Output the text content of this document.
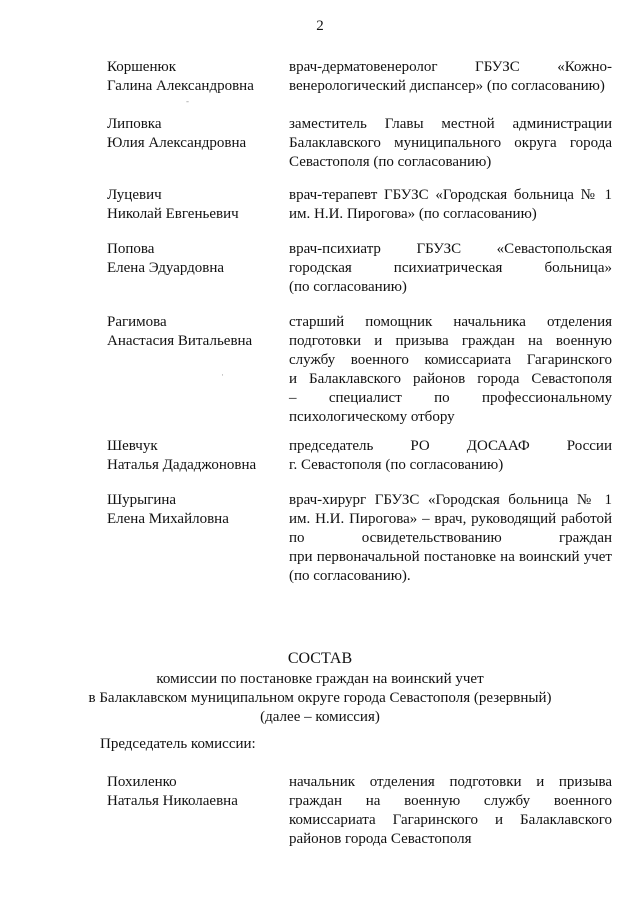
2
Коршенюк
Галина Александровна
врач-дерматовенеролог ГБУЗС «Кожно-
венерологический диспансер» (по согласованию)
Липовка
Юлия Александровна
заместитель Главы местной администрации
Балаклавского муниципального округа города
Севастополя (по согласованию)
Луцевич
Николай Евгеньевич
врач-терапевт ГБУЗС «Городская больница № 1
им. Н.И. Пирогова» (по согласованию)
Попова
Елена Эдуардовна
врач-психиатр ГБУЗС «Севастопольская
городская психиатрическая больница»
(по согласованию)
Рагимова
Анастасия Витальевна
старший помощник начальника отделения
подготовки и призыва граждан на военную
службу военного комиссариата Гагаринского
и Балаклавского районов города Севастополя
– специалист по профессиональному
психологическому отбору
Шевчук
Наталья Дададжоновна
председатель РО ДОСААФ России
г. Севастополя (по согласованию)
Шурыгина
Елена Михайловна
врач-хирург ГБУЗС «Городская больница № 1
им. Н.И. Пирогова» – врач, руководящий работой
по освидетельствованию граждан
при первоначальной постановке на воинский учет
(по согласованию).
СОСТАВ
комиссии по постановке граждан на воинский учет
в Балаклавском муниципальном округе города Севастополя (резервный)
(далее – комиссия)
Председатель комиссии:
Похиленко
Наталья Николаевна
начальник отделения подготовки и призыва
граждан на военную службу военного
комиссариата Гагаринского и Балаклавского
районов города Севастополя
-
·
